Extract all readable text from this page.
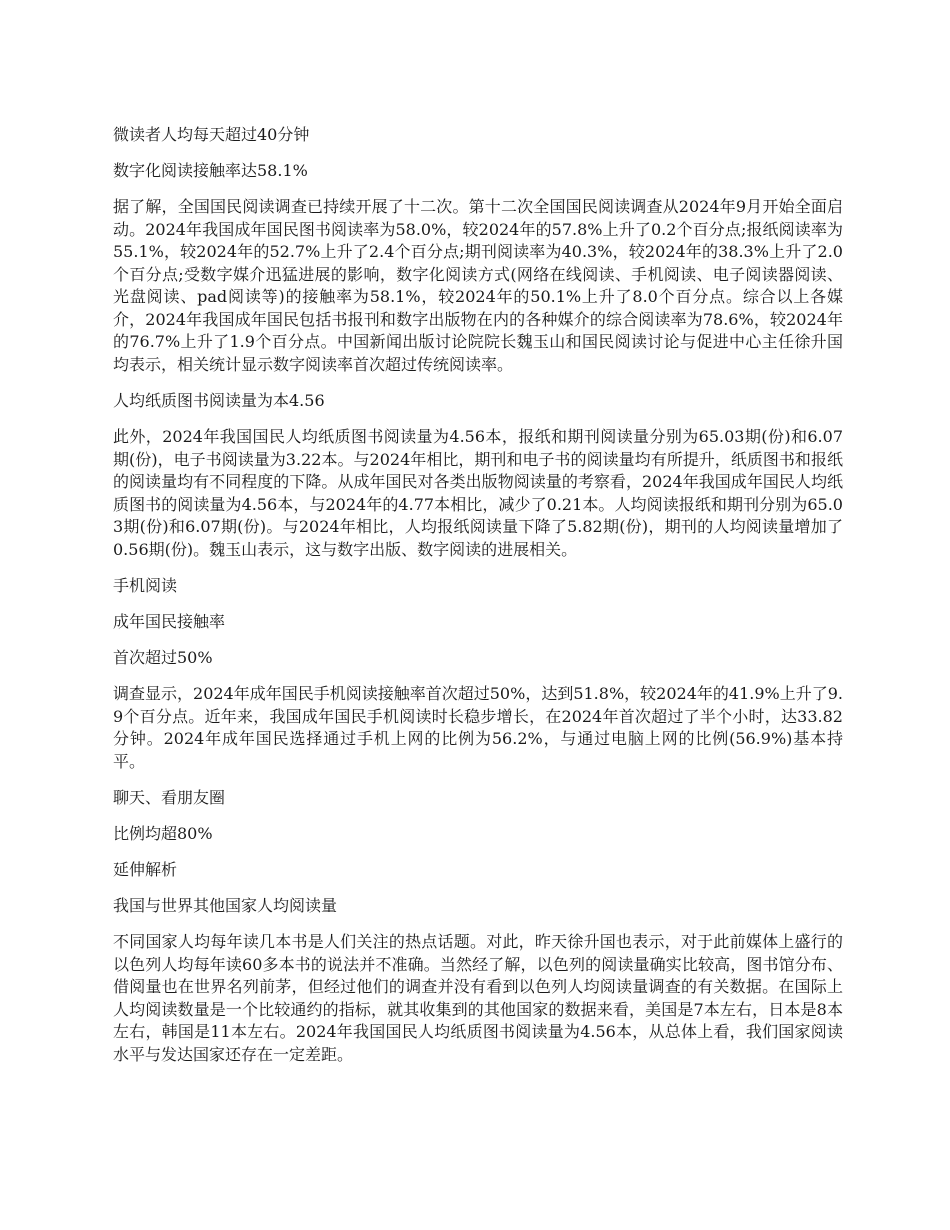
微读者人均每天超过40分钟

数字化阅读接触率达58.1%

据了解，全国国民阅读调查已持续开展了十二次。第十二次全国国民阅读调查从2024年9月开始全面启动。2024年我国成年国民图书阅读率为58.0%，较2024年的57.8%上升了0.2个百分点;报纸阅读率为55.1%，较2024年的52.7%上升了2.4个百分点;期刊阅读率为40.3%，较2024年的38.3%上升了2.0个百分点;受数字媒介迅猛进展的影响，数字化阅读方式(网络在线阅读、手机阅读、电子阅读器阅读、光盘阅读、pad阅读等)的接触率为58.1%，较2024年的50.1%上升了8.0个百分点。综合以上各媒介，2024年我国成年国民包括书报刊和数字出版物在内的各种媒介的综合阅读率为78.6%，较2024年的76.7%上升了1.9个百分点。中国新闻出版讨论院院长魏玉山和国民阅读讨论与促进中心主任徐升国均表示，相关统计显示数字阅读率首次超过传统阅读率。

人均纸质图书阅读量为本4.56

此外，2024年我国国民人均纸质图书阅读量为4.56本，报纸和期刊阅读量分别为65.03期(份)和6.07期(份)，电子书阅读量为3.22本。与2024年相比，期刊和电子书的阅读量均有所提升，纸质图书和报纸的阅读量均有不同程度的下降。从成年国民对各类出版物阅读量的考察看，2024年我国成年国民人均纸质图书的阅读量为4.56本，与2024年的4.77本相比，减少了0.21本。人均阅读报纸和期刊分别为65.03期(份)和6.07期(份)。与2024年相比，人均报纸阅读量下降了5.82期(份)，期刊的人均阅读量增加了0.56期(份)。魏玉山表示，这与数字出版、数字阅读的进展相关。

手机阅读

成年国民接触率

首次超过50%

调查显示，2024年成年国民手机阅读接触率首次超过50%，达到51.8%，较2024年的41.9%上升了9.9个百分点。近年来，我国成年国民手机阅读时长稳步增长，在2024年首次超过了半个小时，达33.82分钟。2024年成年国民选择通过手机上网的比例为56.2%，与通过电脑上网的比例(56.9%)基本持平。

聊天、看朋友圈

比例均超80%

延伸解析

我国与世界其他国家人均阅读量

不同国家人均每年读几本书是人们关注的热点话题。对此，昨天徐升国也表示，对于此前媒体上盛行的以色列人均每年读60多本书的说法并不准确。当然经了解，以色列的阅读量确实比较高，图书馆分布、借阅量也在世界名列前茅，但经过他们的调查并没有看到以色列人均阅读量调查的有关数据。在国际上人均阅读数量是一个比较通约的指标，就其收集到的其他国家的数据来看，美国是7本左右，日本是8本左右，韩国是11本左右。2024年我国国民人均纸质图书阅读量为4.56本，从总体上看，我们国家阅读水平与发达国家还存在一定差距。
